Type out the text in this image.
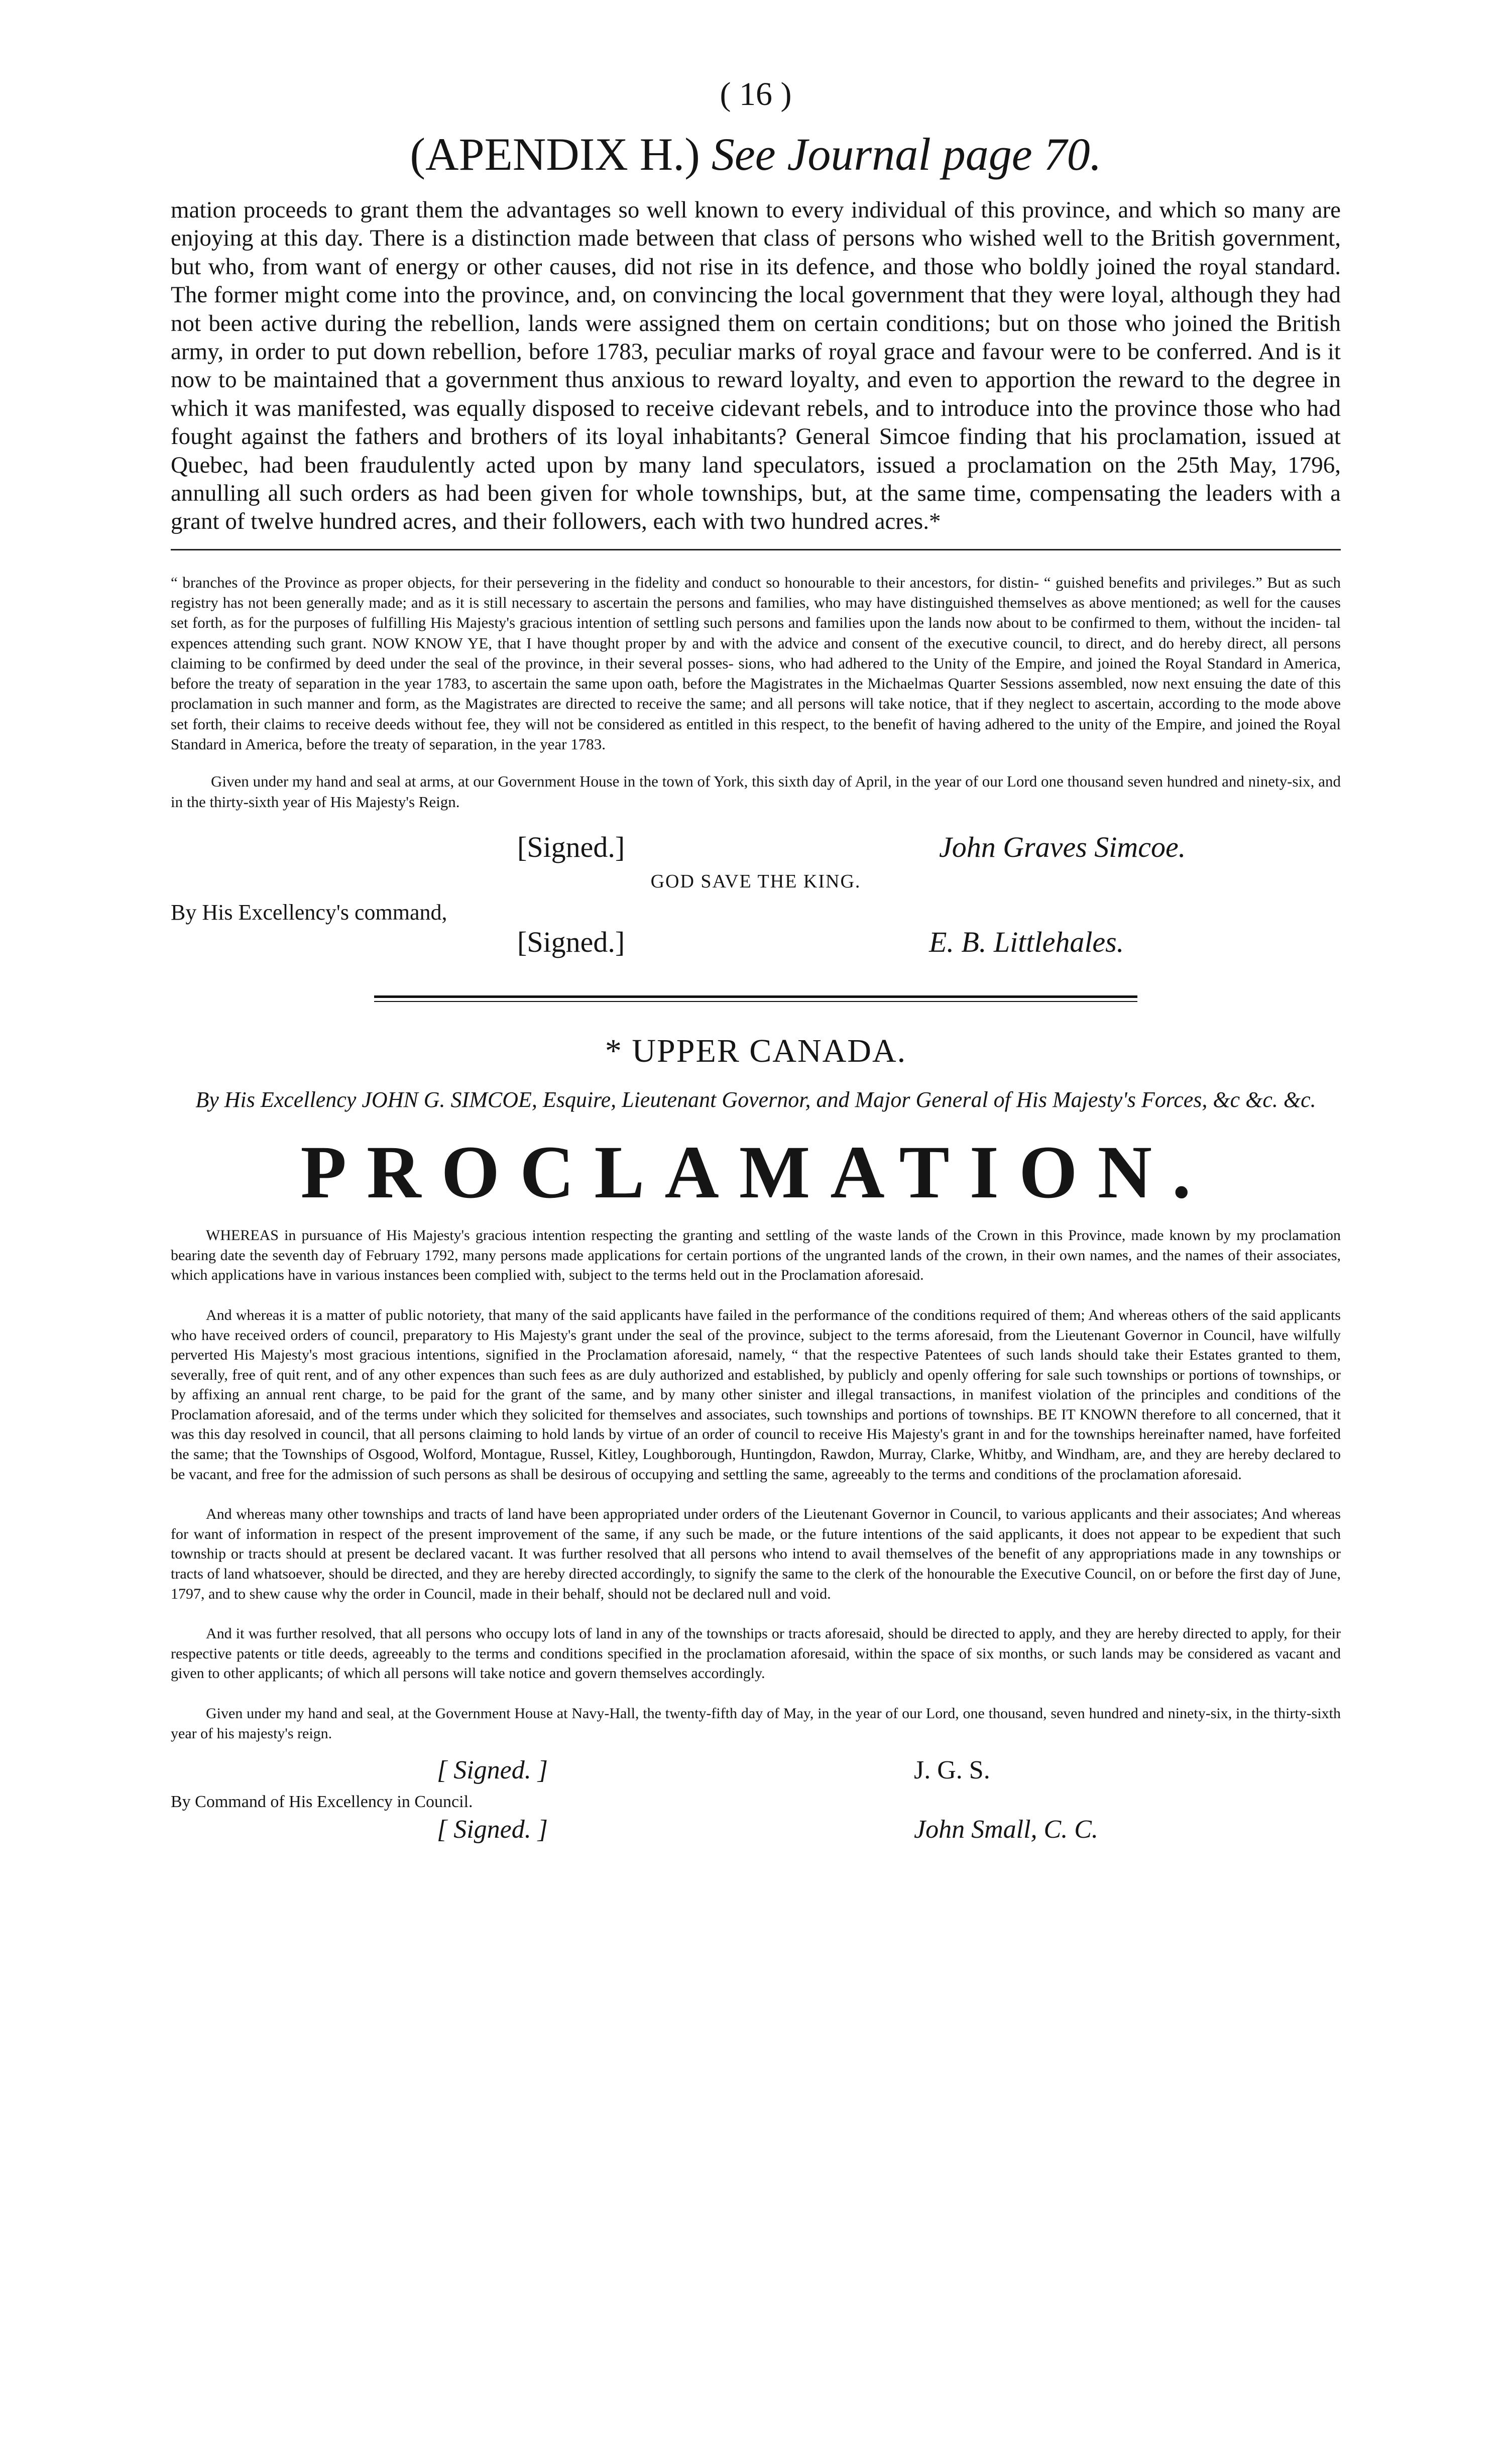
( 16 )

(APENDIX H.) See Journal page 70.

mation proceeds to grant them the advantages so well known to every individual of this province, and which so many are enjoying at this day. There is a distinction made between that class of persons who wished well to the British government, but who, from want of energy or other causes, did not rise in its defence, and those who boldly joined the royal standard. The former might come into the province, and, on convincing the local government that they were loyal, although they had not been active during the rebellion, lands were assigned them on certain conditions; but on those who joined the British army, in order to put down rebellion, before 1783, peculiar marks of royal grace and favour were to be conferred. And is it now to be maintained that a government thus anxious to reward loyalty, and even to apportion the reward to the degree in which it was manifested, was equally disposed to receive cidevant rebels, and to introduce into the province those who had fought against the fathers and brothers of its loyal inhabitants? General Simcoe finding that his proclamation, issued at Quebec, had been fraudulently acted upon by many land speculators, issued a proclamation on the 25th May, 1796, annulling all such orders as had been given for whole townships, but, at the same time, compensating the leaders with a grant of twelve hundred acres, and their followers, each with two hundred acres.*

“ branches of the Province as proper objects, for their persevering in the fidelity and conduct so honourable to their ancestors, for distin- “ guished benefits and privileges.” But as such registry has not been generally made; and as it is still necessary to ascertain the persons and families, who may have distinguished themselves as above mentioned; as well for the causes set forth, as for the purposes of fulfilling His Majesty's gracious intention of settling such persons and families upon the lands now about to be confirmed to them, without the inciden- tal expences attending such grant. NOW KNOW YE, that I have thought proper by and with the advice and consent of the executive council, to direct, and do hereby direct, all persons claiming to be confirmed by deed under the seal of the province, in their several posses- sions, who had adhered to the Unity of the Empire, and joined the Royal Standard in America, before the treaty of separation in the year 1783, to ascertain the same upon oath, before the Magistrates in the Michaelmas Quarter Sessions assembled, now next ensuing the date of this proclamation in such manner and form, as the Magistrates are directed to receive the same; and all persons will take notice, that if they neglect to ascertain, according to the mode above set forth, their claims to receive deeds without fee, they will not be considered as entitled in this respect, to the benefit of having adhered to the unity of the Empire, and joined the Royal Standard in America, before the treaty of separation, in the year 1783.

Given under my hand and seal at arms, at our Government House in the town of York, this sixth day of April, in the year of our Lord one thousand seven hundred and ninety-six, and in the thirty-sixth year of His Majesty's Reign.

[Signed.]	John Graves Simcoe.

GOD SAVE THE KING.

By His Excellency's command,

[Signed.]	E. B. Littlehales.

* UPPER CANADA.

By His Excellency JOHN G. SIMCOE, Esquire, Lieutenant Governor, and Major General of His Majesty's Forces, &c &c. &c.

PROCLAMATION.

WHEREAS in pursuance of His Majesty's gracious intention respecting the granting and settling of the waste lands of the Crown in this Province, made known by my proclamation bearing date the seventh day of February 1792, many persons made applications for certain portions of the ungranted lands of the crown, in their own names, and the names of their associates, which applications have in various instances been complied with, subject to the terms held out in the Proclamation aforesaid.

And whereas it is a matter of public notoriety, that many of the said applicants have failed in the performance of the conditions required of them; And whereas others of the said applicants who have received orders of council, preparatory to His Majesty's grant under the seal of the province, subject to the terms aforesaid, from the Lieutenant Governor in Council, have wilfully perverted His Majesty's most gracious intentions, signified in the Proclamation aforesaid, namely, “ that the respective Patentees of such lands should take their Estates granted to them, severally, free of quit rent, and of any other expences than such fees as are duly authorized and established, by publicly and openly offering for sale such townships or portions of townships, or by affixing an annual rent charge, to be paid for the grant of the same, and by many other sinister and illegal transactions, in manifest violation of the principles and conditions of the Proclamation aforesaid, and of the terms under which they solicited for themselves and associates, such townships and portions of townships. BE IT KNOWN therefore to all concerned, that it was this day resolved in council, that all persons claiming to hold lands by virtue of an order of council to receive His Majesty's grant in and for the townships hereinafter named, have forfeited the same; that the Townships of Osgood, Wolford, Montague, Russel, Kitley, Loughborough, Huntingdon, Rawdon, Murray, Clarke, Whitby, and Windham, are, and they are hereby declared to be vacant, and free for the admission of such persons as shall be desirous of occupying and settling the same, agreeably to the terms and conditions of the proclamation aforesaid.

And whereas many other townships and tracts of land have been appropriated under orders of the Lieutenant Governor in Council, to various applicants and their associates; And whereas for want of information in respect of the present improvement of the same, if any such be made, or the future intentions of the said applicants, it does not appear to be expedient that such township or tracts should at present be declared vacant. It was further resolved that all persons who intend to avail themselves of the benefit of any appropriations made in any townships or tracts of land whatsoever, should be directed, and they are hereby directed accordingly, to signify the same to the clerk of the honourable the Executive Council, on or before the first day of June, 1797, and to shew cause why the order in Council, made in their behalf, should not be declared null and void.

And it was further resolved, that all persons who occupy lots of land in any of the townships or tracts aforesaid, should be directed to apply, and they are hereby directed to apply, for their respective patents or title deeds, agreeably to the terms and conditions specified in the proclamation aforesaid, within the space of six months, or such lands may be considered as vacant and given to other applicants; of which all persons will take notice and govern themselves accordingly.

Given under my hand and seal, at the Government House at Navy-Hall, the twenty-fifth day of May, in the year of our Lord, one thousand, seven hundred and ninety-six, in the thirty-sixth year of his majesty's reign.

[ Signed. ]	J. G. S.

By Command of His Excellency in Council.

[ Signed. ]	John Small, C. C.
